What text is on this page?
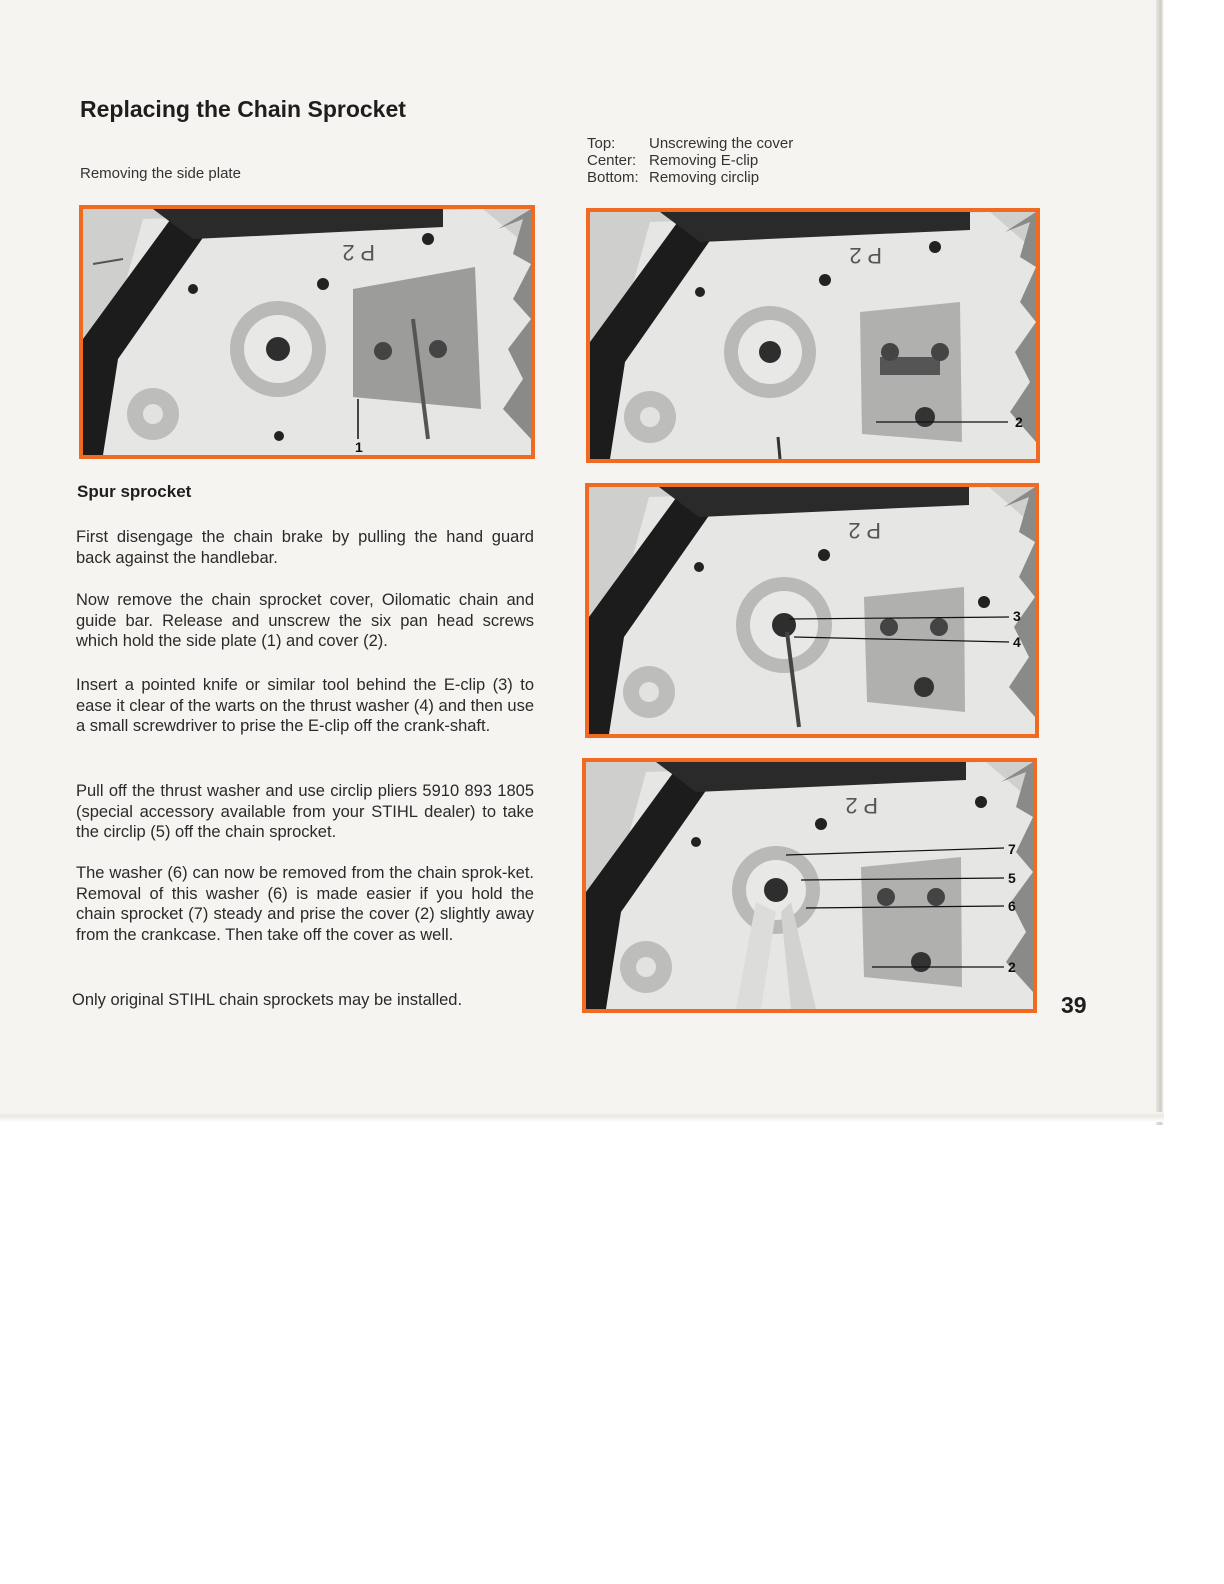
Replacing the Chain Sprocket
Removing the side plate
Top:	Unscrewing the cover
Center: Removing E-clip
Bottom: Removing circlip
P 2
1
P 2
2
P 2
3
4
P 2
7
5
6
2
Spur sprocket

First disengage the chain brake by pulling the hand guard back against the handlebar.

Now remove the chain sprocket cover, Oilomatic chain and guide bar. Release and unscrew the six pan head screws which hold the side plate (1) and cover (2).

Insert a pointed knife or similar tool behind the E-clip (3) to ease it clear of the warts on the thrust washer (4) and then use a small screwdriver to prise the E-clip off the crank-shaft.

Pull off the thrust washer and use circlip pliers 5910 893 1805 (special accessory available from your STIHL dealer) to take the circlip (5) off the chain sprocket.

The washer (6) can now be removed from the chain sprok-ket. Removal of this washer (6) is made easier if you hold the chain sprocket (7) steady and prise the cover (2) slightly away from the crankcase. Then take off the cover as well.

Only original STIHL chain sprockets may be installed.	39
